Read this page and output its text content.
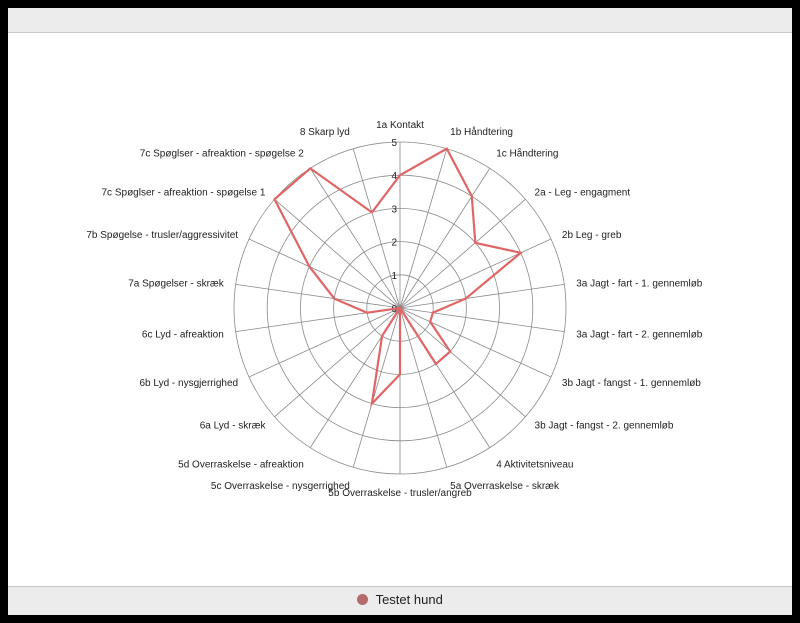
0
1
2
3
4
5
1a Kontakt
1b Håndtering
1c Håndtering
2a - Leg - engagment
2b Leg - greb
3a Jagt - fart - 1. gennemløb
3a Jagt - fart - 2. gennemløb
3b Jagt - fangst - 1. gennemløb
3b Jagt - fangst - 2. gennemløb
4 Aktivitetsniveau
5a Overraskelse - skræk
5b Overraskelse - trusler/angreb
5c Overraskelse - nysgerrighed
5d Overraskelse - afreaktion
6a Lyd - skræk
6b Lyd - nysgjerrighed
6c Lyd - afreaktion
7a Spøgelser - skræk
7b Spøgelse - trusler/aggressivitet
7c Spøglser - afreaktion - spøgelse 1
7c Spøglser - afreaktion - spøgelse 2
8 Skarp lyd
Testet hund
